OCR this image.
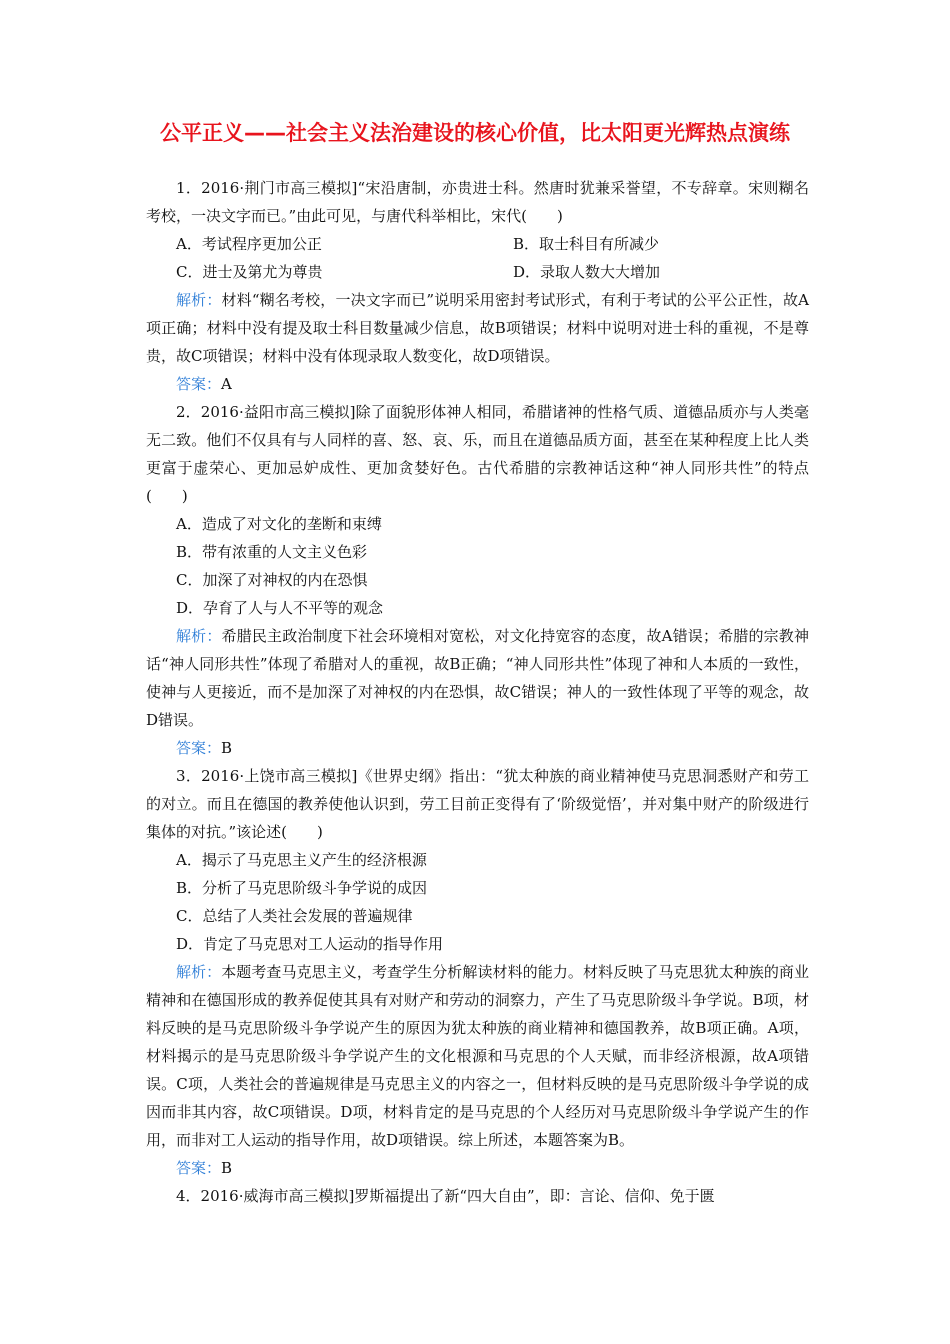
公平正义——社会主义法治建设的核心价值，比太阳更光辉热点演练

1．2016·荆门市高三模拟]“宋沿唐制，亦贵进士科。然唐时犹兼采誉望，不专辞章。宋则糊名考校，一决文字而已。”由此可见，与唐代科举相比，宋代(　　)

A．考试程序更加公正	B．取士科目有所减少
C．进士及第尤为尊贵	D．录取人数大大增加

解析：材料“糊名考校，一决文字而已”说明采用密封考试形式，有利于考试的公平公正性，故A项正确；材料中没有提及取士科目数量减少信息，故B项错误；材料中说明对进士科的重视，不是尊贵，故C项错误；材料中没有体现录取人数变化，故D项错误。

答案：A

2．2016·益阳市高三模拟]除了面貌形体神人相同，希腊诸神的性格气质、道德品质亦与人类毫无二致。他们不仅具有与人同样的喜、怒、哀、乐，而且在道德品质方面，甚至在某种程度上比人类更富于虚荣心、更加忌妒成性、更加贪婪好色。古代希腊的宗教神话这种“神人同形共性”的特点(　　)

A．造成了对文化的垄断和束缚

B．带有浓重的人文主义色彩

C．加深了对神权的内在恐惧

D．孕育了人与人不平等的观念

解析：希腊民主政治制度下社会环境相对宽松，对文化持宽容的态度，故A错误；希腊的宗教神话“神人同形共性”体现了希腊对人的重视，故B正确；“神人同形共性”体现了神和人本质的一致性，使神与人更接近，而不是加深了对神权的内在恐惧，故C错误；神人的一致性体现了平等的观念，故D错误。

答案：B

3．2016·上饶市高三模拟]《世界史纲》指出：“犹太种族的商业精神使马克思洞悉财产和劳工的对立。而且在德国的教养使他认识到，劳工目前正变得有了‘阶级觉悟’，并对集中财产的阶级进行集体的对抗。”该论述(　　)

A．揭示了马克思主义产生的经济根源

B．分析了马克思阶级斗争学说的成因

C．总结了人类社会发展的普遍规律

D．肯定了马克思对工人运动的指导作用

解析：本题考查马克思主义，考查学生分析解读材料的能力。材料反映了马克思犹太种族的商业精神和在德国形成的教养促使其具有对财产和劳动的洞察力，产生了马克思阶级斗争学说。B项，材料反映的是马克思阶级斗争学说产生的原因为犹太种族的商业精神和德国教养，故B项正确。A项，材料揭示的是马克思阶级斗争学说产生的文化根源和马克思的个人天赋，而非经济根源，故A项错误。C项，人类社会的普遍规律是马克思主义的内容之一，但材料反映的是马克思阶级斗争学说的成因而非其内容，故C项错误。D项，材料肯定的是马克思的个人经历对马克思阶级斗争学说产生的作用，而非对工人运动的指导作用，故D项错误。综上所述，本题答案为B。

答案：B

4．2016·威海市高三模拟]罗斯福提出了新“四大自由”，即：言论、信仰、免于匮
